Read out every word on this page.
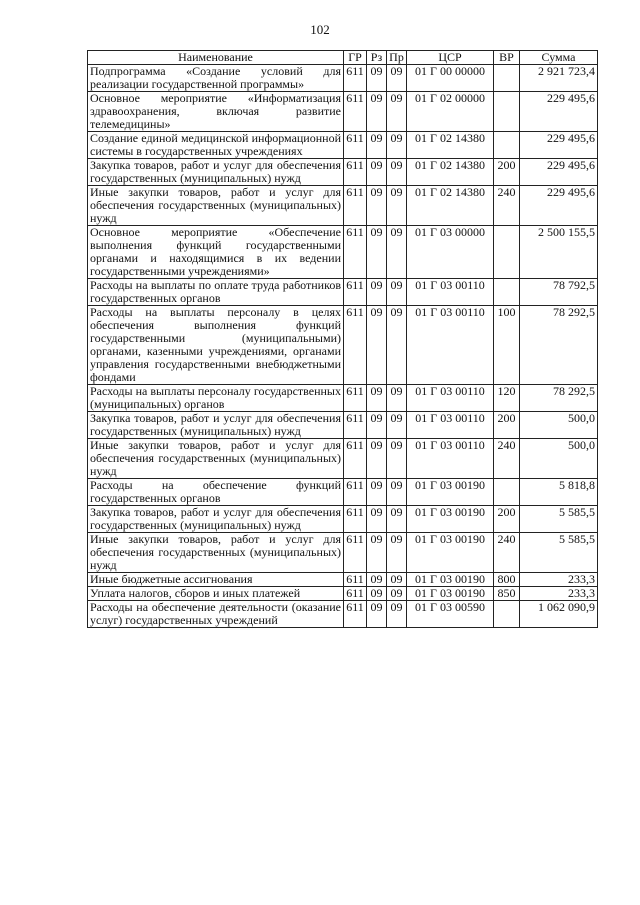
102
Наименование	ГР	Рз	Пр	ЦСР	ВР	Сумма
Подпрограмма «Создание условий для реализации государственной программы»	611	09	09	01 Г 00 00000		2 921 723,4
Основное мероприятие «Информатизация здравоохранения, включая развитие телемедицины»	611	09	09	01 Г 02 00000		229 495,6
Создание единой медицинской информационной системы в государственных учреждениях	611	09	09	01 Г 02 14380		229 495,6
Закупка товаров, работ и услуг для обеспечения государственных (муниципальных) нужд	611	09	09	01 Г 02 14380	200	229 495,6
Иные закупки товаров, работ и услуг для обеспечения государственных (муниципальных) нужд	611	09	09	01 Г 02 14380	240	229 495,6
Основное мероприятие «Обеспечение выполнения функций государственными органами и находящимися в их ведении государственными учреждениями»	611	09	09	01 Г 03 00000		2 500 155,5
Расходы на выплаты по оплате труда работников государственных органов	611	09	09	01 Г 03 00110		78 792,5
Расходы на выплаты персоналу в целях обеспечения выполнения функций государственными (муниципальными) органами, казенными учреждениями, органами управления государственными внебюджетными фондами	611	09	09	01 Г 03 00110	100	78 292,5
Расходы на выплаты персоналу государственных (муниципальных) органов	611	09	09	01 Г 03 00110	120	78 292,5
Закупка товаров, работ и услуг для обеспечения государственных (муниципальных) нужд	611	09	09	01 Г 03 00110	200	500,0
Иные закупки товаров, работ и услуг для обеспечения государственных (муниципальных) нужд	611	09	09	01 Г 03 00110	240	500,0
Расходы на обеспечение функций государственных органов	611	09	09	01 Г 03 00190		5 818,8
Закупка товаров, работ и услуг для обеспечения государственных (муниципальных) нужд	611	09	09	01 Г 03 00190	200	5 585,5
Иные закупки товаров, работ и услуг для обеспечения государственных (муниципальных) нужд	611	09	09	01 Г 03 00190	240	5 585,5
Иные бюджетные ассигнования	611	09	09	01 Г 03 00190	800	233,3
Уплата налогов, сборов и иных платежей	611	09	09	01 Г 03 00190	850	233,3
Расходы на обеспечение деятельности (оказание услуг) государственных учреждений	611	09	09	01 Г 03 00590		1 062 090,9
